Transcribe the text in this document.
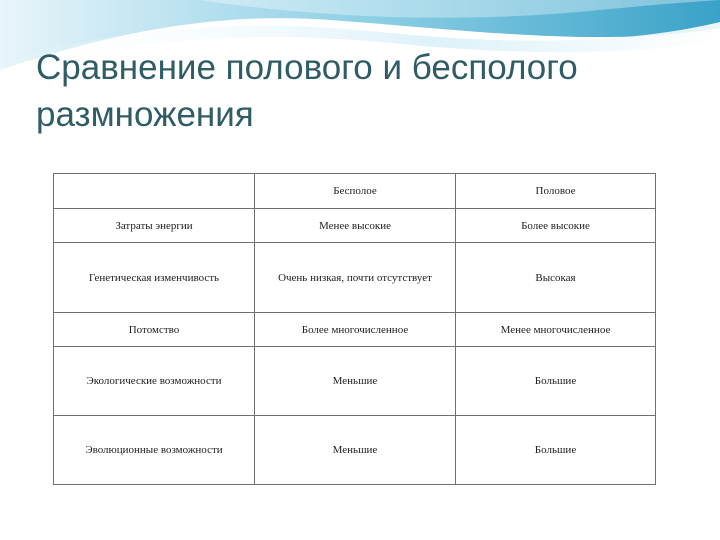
Сравнение полового и бесполого размножения
	Бесполое	Половое
Затраты энергии	Менее высокие	Более высокие
Генетическая изменчивость	Очень низкая, почти отсутствует	Высокая
Потомство	Более многочисленное	Менее многочисленное
Экологические возможности	Меньшие	Большие
Эволюционные возможности	Меньшие	Большие
